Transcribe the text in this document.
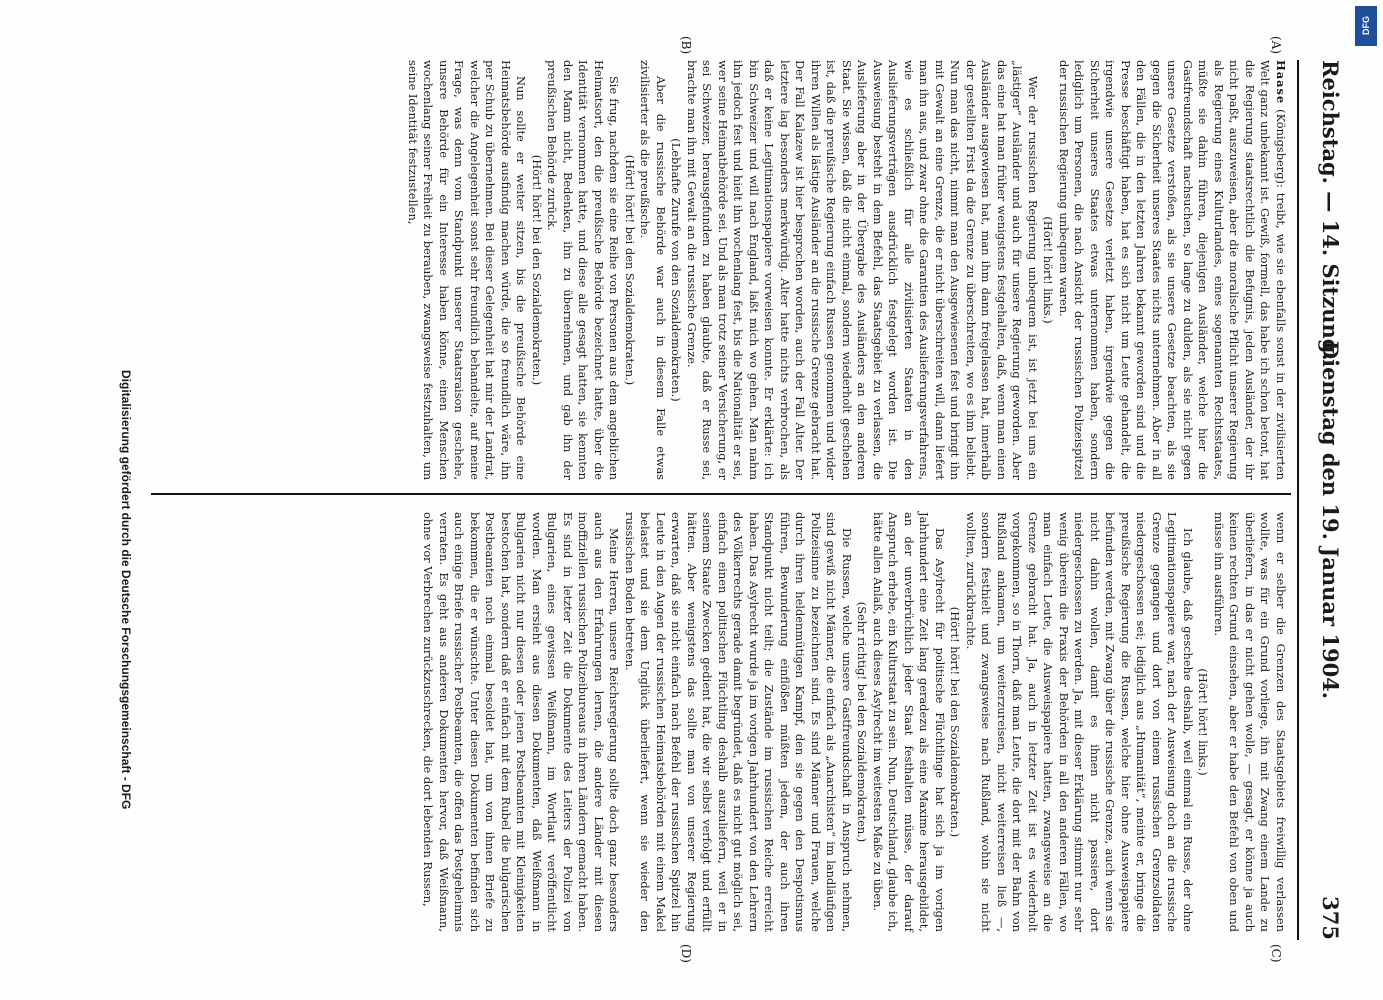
Reichstag. — 14. Sitzung.
Dienstag den 19. Januar 1904.
375
(A)
(B)
(C)
(D)

Haase (Königsberg): treibt, wie sie ebenfalls sonst in der zivilisierten Welt ganz unbekannt ist. Gewiß, formell, das habe ich schon betont, hat die Regierung staatsrechtlich die Befugnis, jeden Ausländer, der ihr nicht paßt, auszuweisen, aber die moralische Pflicht unserer Regierung als Regierung eines Kulturlandes, eines sogenannten Rechtsstaates, müßte sie dahin führen, diejenigen Ausländer, welche hier die Gastfreundschaft nachsuchen, so lange zu dulden, als sie nicht gegen unsere Gesetze verstoßen, als sie unsere Gesetze beachten, als sie gegen die Sicherheit unseres Staates nichts unternehmen. Aber in all den Fällen, die in den letzten Jahren bekannt geworden sind und die Presse beschäftigt haben, hat es sich nicht um Leute gehandelt, die irgendwie unsere Gesetze verletzt haben, irgendwie gegen die Sicherheit unseres Staates etwas unternommen haben, sondern lediglich um Personen, die nach Ansicht der russischen Polizeispitzel der russischen Regierung unbequem waren.

(Hört! hört! links.)

Wer der russischen Regierung unbequem ist, ist jetzt bei uns ein „lästiger“ Ausländer und auch für unsere Regierung geworden. Aber das eine hat man früher wenigstens festgehalten, daß, wenn man einen Ausländer ausgewiesen hat, man ihm dann freigelassen hat, innerhalb der gestellten Frist da die Grenze zu überschreiten, wo es ihm beliebt. Nun man das nicht, nimmt man den Ausgewiesenen fest und bringt ihn mit Gewalt an eine Grenze, die er nicht überschreiten will, dann liefert man ihn aus, und zwar ohne die Garantien des Auslieferungsverfahrens, wie es schließlich für alle zivilisierten Staaten in den Auslieferungsverträgen ausdrücklich festgelegt worden ist. Die Ausweisung besteht in dem Befehl, das Staatsgebiet zu verlassen, die Auslieferung aber in der Übergabe des Ausländers an den anderen Staat. Sie wissen, daß die nicht einmal, sondern wiederholt geschehen ist, daß die preußische Regierung einfach Russen genommen und wider ihren Willen als lästige Ausländer an die russische Grenze gebracht hat. Der Fall Kalazew ist hier besprochen worden, auch der Fall Alter. Der letztere lag besonders merkwürdig. Alter hatte nichts verbrochen, als daß er keine Legitimationspapiere vorweisen konnte. Er erklärte: ich bin Schweizer und will nach England, laßt mich wo gehen. Man nahm ihn jedoch fest und hielt ihn wochenlang fest, bis die Nationalität er sei, wer seine Heimatbehörde sei. Und als man trotz seiner Versicherung, er sei Schweizer, herausgefunden zu haben glaubte, daß er Russe sei, brachte man ihn mit Gewalt an die russische Grenze.

(Lebhafte Zurufe von den Sozialdemokraten.)

Aber die russische Behörde war auch in diesem Falle etwas zivilisierter als die preußische.

(Hört! hört! bei den Sozialdemokraten.)

Sie frug, nachdem sie eine Reihe von Personen aus dem angeblichen Heimatsort, den die preußische Behörde bezeichnet hatte, über die Identität vernommen hatte, und diese alle gesagt hatten, sie kennten den Mann nicht, Bedenken, ihn zu übernehmen, und gab ihn der preußischen Behörde zurück.

(Hört! hört! bei den Sozialdemokraten.)

Nun sollte er weiter sitzen, bis die preußische Behörde eine Heimatsbehörde ausfindig machen würde, die so freundlich wäre, ihn per Schub zu übernehmen. Bei dieser Gelegenheit hat mir der Landrat, welcher die Angelegenheit sonst sehr freundlich behandelte, auf meine Frage, was denn vom Standpunkt unserer Staatsraison geschehe, unsere Behörde für ein Interesse haben könne, einen Menschen wochenlang seiner Freiheit zu berauben, zwangsweise festzuhalten, um seine Identität festzustellen,

wenn er selber die Grenzen des Staatsgebiets freiwillig verlassen wollte, was für ein Grund vorliege, ihn mit Zwang einem Lande zu überliefern, in das er nicht gehen wolle, — gesagt, er könne ja auch keinen rechten Grund einsehen, aber er habe den Befehl von oben und müsse ihn ausführen.

(Hört! hört! links.)

Ich glaube, daß geschehe deshalb, weil einmal ein Russe, der ohne Legitimationspapiere war, nach der Ausweisung doch an die russische Grenze gegangen und dort von einem russischen Grenzsoldaten niedergeschossen sei; lediglich aus „Humanität“, meinte er, bringe die preußische Regierung die Russen, welche hier ohne Ausweispapiere befunden werden, mit Zwang über die russische Grenze, auch wenn sie nicht dahin wollen, damit es ihnen nicht passiere, dort niedergeschossen zu werden. Ja, mit dieser Erklärung stimmt nur sehr wenig überein die Praxis der Behörden in all den anderen Fällen, wo man einfach Leute, die Ausweispapiere hatten, zwangsweise an die Grenze gebracht hat. Ja, auch in letzter Zeit ist es wiederholt vorgekommen, so in Thorn, daß man Leute, die dort mit der Bahn von Rußland ankamen, um weiterzureisen, nicht weiterreisen ließ —, sondern festhielt und zwangsweise nach Rußland, wohin sie nicht wollten, zurückbrachte.

(Hört! hört! bei den Sozialdemokraten.)

Das Asylrecht für politische Flüchtlinge hat sich ja im vorigen Jahrhundert eine Zeit lang geradezu als eine Maxime herausgebildet, an der unverbrüchlich jeder Staat festhalten müsse, der darauf Anspruch erhebe, ein Kulturstaat zu sein. Nun, Deutschland, glaube ich, hätte allen Anlaß, auch dieses Asylrecht im weitesten Maße zu üben.

(Sehr richtig! bei den Sozialdemokraten.)

Die Russen, welche unsere Gastfreundschaft in Anspruch nehmen, sind gewiß nicht Männer, die einfach als „Anarchisten“ im landläufigen Polizeisinne zu bezeichnen sind. Es sind Männer und Frauen, welche durch ihren heldenmütigen Kampf, den sie gegen den Despotismus führen, Bewunderung einflößen müßten jedem, der auch ihren Standpunkt nicht teilt; die Zustände im russischen Reiche erreicht haben. Das Asylrecht wurde ja im vorigen Jahrhundert von den Lehrern des Völkerrechts gerade damit begründet, daß es nicht gut möglich sei, einfach einen politischen Flüchtling deshalb auszuliefern, weil er in seinem Staate Zwecken gedient hat, die wir selbst verfolgt und erfüllt hätten. Aber wenigstens das sollte man von unserer Regierung erwarten, daß sie nicht einfach nach Befehl der russischen Spitzel hin Leute in den Augen der russischen Heimatsbehörden mit einem Makel belastet und sie dem Unglück überliefert, wenn sie wieder den russischen Boden betreten.

Meine Herren, unsere Reichsregierung sollte doch ganz besonders auch aus den Erfahrungen lernen, die andere Länder mit diesen inoffiziellen russischen Polizeibureaus in ihren Ländern gemacht haben. Es sind in letzter Zeit die Dokumente des Leiters der Polizei von Bulgarien, eines gewissen Weißmann, im Wortlaut veröffentlicht worden. Man ersieht aus diesen Dokumenten, daß Weißmann in Bulgarien nicht nur diesen oder jenen Postbeamten mit Kleinigkeiten bestochen hat, sondern daß er einfach mit dem Rubel die bulgarischen Postbeamten noch einmal besoldet hat, um von ihnen Briefe zu bekommen, die er wünschte. Unter diesen Dokumenten befinden sich auch einige Briefe russischer Postbeamten, die offen das Postgeheimnis verraten. Es geht aus anderen Dokumenten hervor, daß Weißmann, ohne vor Verbrechen zurückzuschrecken, die dort lebenden Russen,

Digitalisierung gefördert durch die Deutsche Forschungsgemeinschaft - DFG
DFG
